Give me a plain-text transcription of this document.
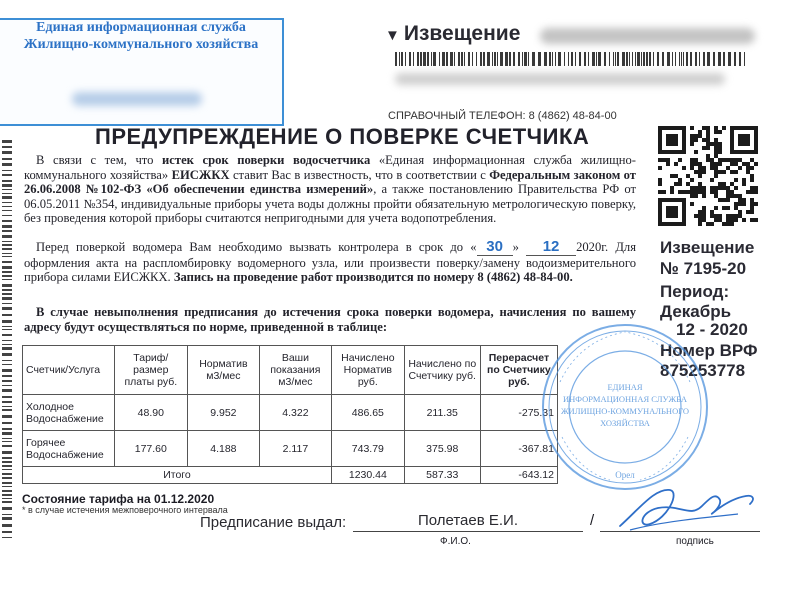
Единая информационная служба
Жилищно-коммунального хозяйства
▼ Извещение
СПРАВОЧНЫЙ ТЕЛЕФОН: 8 (4862) 48-84-00
ПРЕДУПРЕЖДЕНИЕ О ПОВЕРКЕ СЧЕТЧИКА
В связи с тем, что истек срок поверки водосчетчика «Единая информационная служба жилищно-коммунального хозяйства» ЕИСЖКХ ставит Вас в известность, что в соответствии с Федеральным законом от 26.06.2008 №102-ФЗ «Об обеспечении единства измерений», а также постановлению Правительства РФ от 06.05.2011 №354, индивидуальные приборы учета воды должны пройти обязательную метрологическую поверку, без проведения которой приборы считаются непригодными для учета водопотребления.
Перед поверкой водомера Вам необходимо вызвать контролера в срок до « 30 » 12 2020г. Для оформления акта на распломбировку водомерного узла, или произвести поверку/замену водоизмерительного прибора силами ЕИСЖКХ. Запись на проведение работ производится по номеру 8 (4862) 48-84-00.
В случае невыполнения предписания до истечения срока поверки водомера, начисления по вашему адресу будут осуществляться по норме, приведенной в таблице:
Извещение
№ 7195-20
Период:
Декабрь
12 - 2020
Номер ВРФ
875253778
Счетчик/Услуга	Тариф/размер платы руб.	Норматив м3/мес	Ваши показания м3/мес	Начислено Норматив руб.	Начислено по Счетчику руб.	Перерасчет по Счетчику руб.
Холодное Водоснабжение	48.90	9.952	4.322	486.65	211.35	-275.31
Горячее Водоснабжение	177.60	4.188	2.117	743.79	375.98	-367.81
Итого				1230.44	587.33	-643.12
Состояние тарифа на 01.12.2020
* в случае истечения межповерочного интервала
Предписание выдал:	Полетаев Е.И.	/
Ф.И.О.	подпись
ЕДИНАЯ
ИНФОРМАЦИОННАЯ СЛУЖБА
ЖИЛИЩНО-КОММУНАЛЬНОГО
ХОЗЯЙСТВА
Орел
